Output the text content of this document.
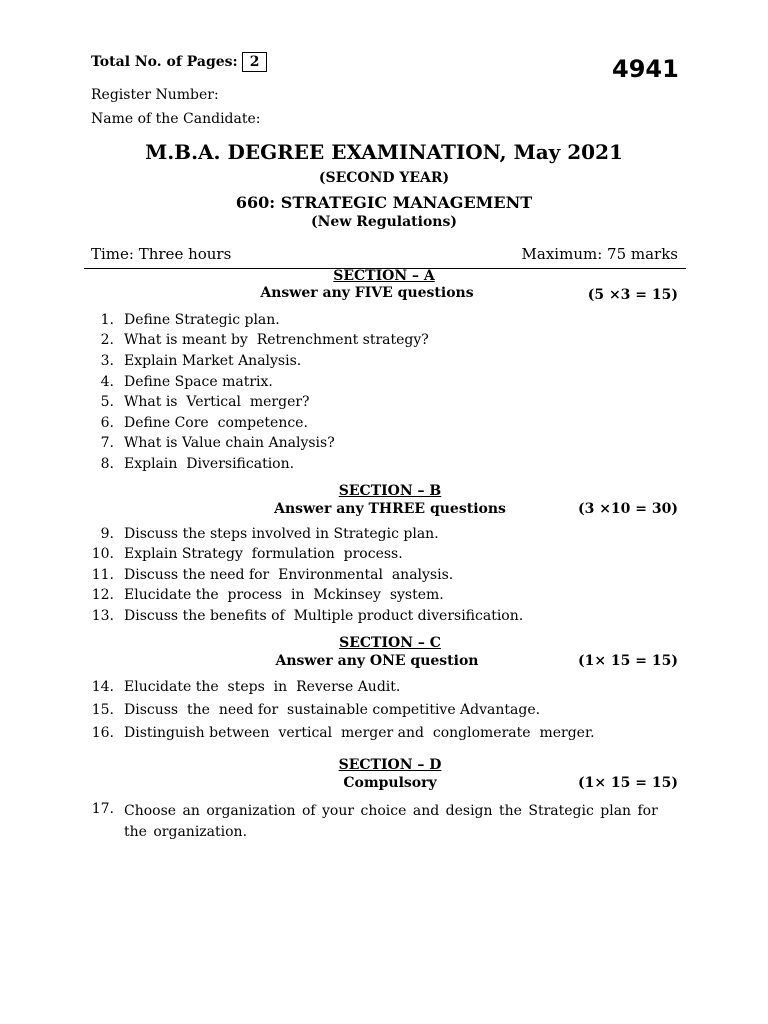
Total No. of Pages: 2	4941
Register Number:
Name of the Candidate:
M.B.A. DEGREE EXAMINATION, May 2021
(SECOND YEAR)
660: STRATEGIC MANAGEMENT
(New Regulations)
Time: Three hours	Maximum: 75 marks
SECTION – A
Answer any FIVE questions	(5 ×3 = 15)
1. Define Strategic plan.
2. What is meant by  Retrenchment strategy?
3. Explain Market Analysis.
4. Define Space matrix.
5. What is  Vertical  merger?
6. Define Core  competence.
7. What is Value chain Analysis?
8. Explain  Diversification.
SECTION – B
Answer any THREE questions	(3 ×10 = 30)
9. Discuss the steps involved in Strategic plan.
10. Explain Strategy  formulation  process.
11. Discuss the need for  Environmental  analysis.
12. Elucidate the  process  in  Mckinsey  system.
13. Discuss the benefits of  Multiple product diversification.
SECTION – C
Answer any ONE question	(1× 15 = 15)
14. Elucidate the  steps  in  Reverse Audit.
15. Discuss  the  need for  sustainable competitive Advantage.
16. Distinguish between  vertical  merger and  conglomerate  merger.
SECTION – D
Compulsory	(1× 15 = 15)
17. Choose an organization of your choice and design the Strategic plan for the organization.
